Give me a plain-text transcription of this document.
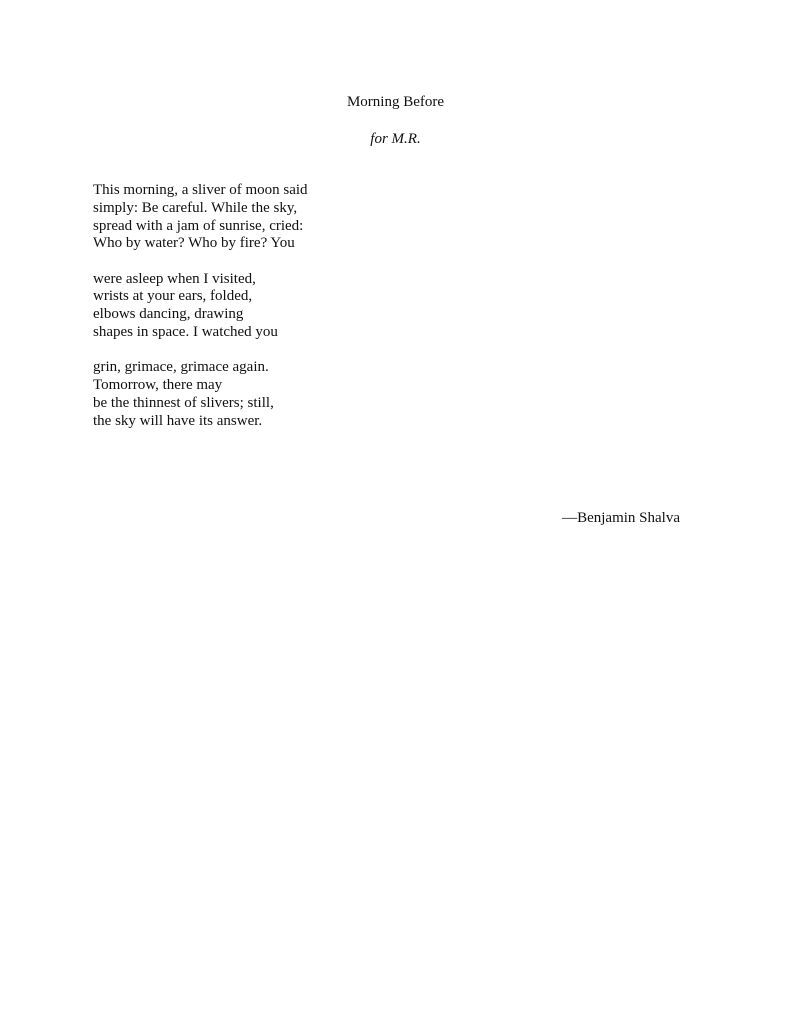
Morning Before
for M.R.
This morning, a sliver of moon said
simply: Be careful. While the sky,
spread with a jam of sunrise, cried:
Who by water? Who by fire? You
were asleep when I visited,
wrists at your ears, folded,
elbows dancing, drawing
shapes in space. I watched you
grin, grimace, grimace again.
Tomorrow, there may
be the thinnest of slivers; still,
the sky will have its answer.
—Benjamin Shalva
